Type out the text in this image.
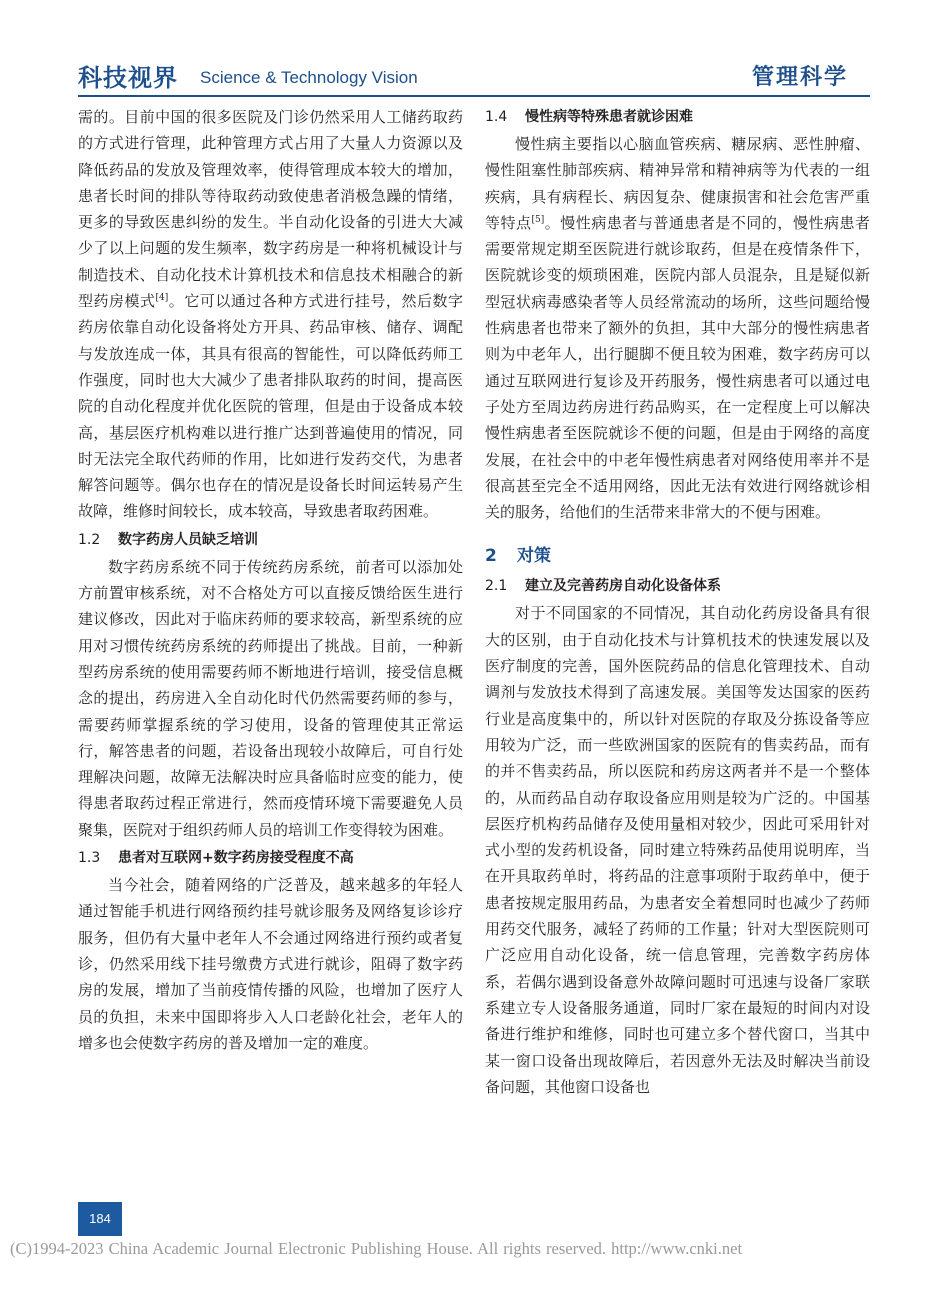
科技视界 Science & Technology Vision	管理科学

需的。目前中国的很多医院及门诊仍然采用人工储药取药的方式进行管理，此种管理方式占用了大量人力资源以及降低药品的发放及管理效率，使得管理成本较大的增加，患者长时间的排队等待取药动致使患者消极急躁的情绪，更多的导致医患纠纷的发生。半自动化设备的引进大大减少了以上问题的发生频率，数字药房是一种将机械设计与制造技术、自动化技术计算机技术和信息技术相融合的新型药房模式[4]。它可以通过各种方式进行挂号，然后数字药房依靠自动化设备将处方开具、药品审核、储存、调配与发放连成一体，其具有很高的智能性，可以降低药师工作强度，同时也大大减少了患者排队取药的时间，提高医院的自动化程度并优化医院的管理，但是由于设备成本较高，基层医疗机构难以进行推广达到普遍使用的情况，同时无法完全取代药师的作用，比如进行发药交代，为患者解答问题等。偶尔也存在的情况是设备长时间运转易产生故障，维修时间较长，成本较高，导致患者取药困难。

1.2 数字药房人员缺乏培训

数字药房系统不同于传统药房系统，前者可以添加处方前置审核系统，对不合格处方可以直接反馈给医生进行建议修改，因此对于临床药师的要求较高，新型系统的应用对习惯传统药房系统的药师提出了挑战。目前，一种新型药房系统的使用需要药师不断地进行培训，接受信息概念的提出，药房进入全自动化时代仍然需要药师的参与，需要药师掌握系统的学习使用，设备的管理使其正常运行，解答患者的问题，若设备出现较小故障后，可自行处理解决问题，故障无法解决时应具备临时应变的能力，使得患者取药过程正常进行，然而疫情环境下需要避免人员聚集，医院对于组织药师人员的培训工作变得较为困难。

1.3 患者对互联网+数字药房接受程度不高

当今社会，随着网络的广泛普及，越来越多的年轻人通过智能手机进行网络预约挂号就诊服务及网络复诊诊疗服务，但仍有大量中老年人不会通过网络进行预约或者复诊，仍然采用线下挂号缴费方式进行就诊，阻碍了数字药房的发展，增加了当前疫情传播的风险，也增加了医疗人员的负担，未来中国即将步入人口老龄化社会，老年人的增多也会使数字药房的普及增加一定的难度。

1.4 慢性病等特殊患者就诊困难

慢性病主要指以心脑血管疾病、糖尿病、恶性肿瘤、慢性阻塞性肺部疾病、精神异常和精神病等为代表的一组疾病，具有病程长、病因复杂、健康损害和社会危害严重等特点[5]。慢性病患者与普通患者是不同的，慢性病患者需要常规定期至医院进行就诊取药，但是在疫情条件下，医院就诊变的烦琐困难，医院内部人员混杂，且是疑似新型冠状病毒感染者等人员经常流动的场所，这些问题给慢性病患者也带来了额外的负担，其中大部分的慢性病患者则为中老年人，出行腿脚不便且较为困难，数字药房可以通过互联网进行复诊及开药服务，慢性病患者可以通过电子处方至周边药房进行药品购买，在一定程度上可以解决慢性病患者至医院就诊不便的问题，但是由于网络的高度发展，在社会中的中老年慢性病患者对网络使用率并不是很高甚至完全不适用网络，因此无法有效进行网络就诊相关的服务，给他们的生活带来非常大的不便与困难。

2 对策
2.1 建立及完善药房自动化设备体系

对于不同国家的不同情况，其自动化药房设备具有很大的区别，由于自动化技术与计算机技术的快速发展以及医疗制度的完善，国外医院药品的信息化管理技术、自动调剂与发放技术得到了高速发展。美国等发达国家的医药行业是高度集中的，所以针对医院的存取及分拣设备等应用较为广泛，而一些欧洲国家的医院有的售卖药品，而有的并不售卖药品，所以医院和药房这两者并不是一个整体的，从而药品自动存取设备应用则是较为广泛的。中国基层医疗机构药品储存及使用量相对较少，因此可采用针对式小型的发药机设备，同时建立特殊药品使用说明库，当在开具取药单时，将药品的注意事项附于取药单中，便于患者按规定服用药品，为患者安全着想同时也减少了药师用药交代服务，减轻了药师的工作量；针对大型医院则可广泛应用自动化设备，统一信息管理，完善数字药房体系，若偶尔遇到设备意外故障问题时可迅速与设备厂家联系建立专人设备服务通道，同时厂家在最短的时间内对设备进行维护和维修，同时也可建立多个替代窗口，当其中某一窗口设备出现故障后，若因意外无法及时解决当前设备问题，其他窗口设备也

184
(C)1994-2023 China Academic Journal Electronic Publishing House. All rights reserved. http://www.cnki.net
